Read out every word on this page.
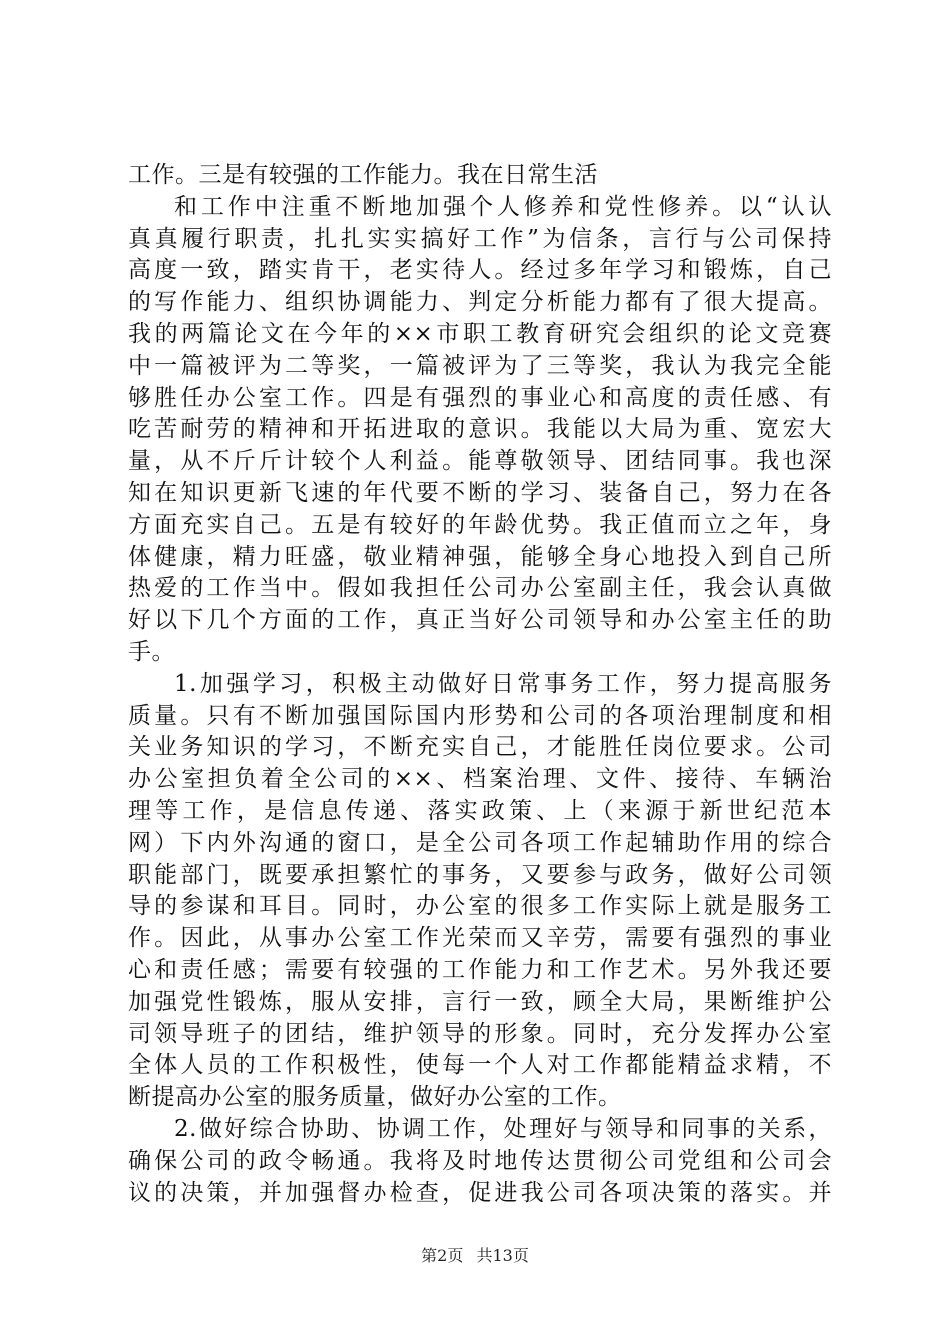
工作。三是有较强的工作能力。我在日常生活
和工作中注重不断地加强个人修养和党性修养。以“认认
真真履行职责，扎扎实实搞好工作”为信条，言行与公司保持
高度一致，踏实肯干，老实待人。经过多年学习和锻炼，自己
的写作能力、组织协调能力、判定分析能力都有了很大提高。
我的两篇论文在今年的××市职工教育研究会组织的论文竞赛
中一篇被评为二等奖，一篇被评为了三等奖，我认为我完全能
够胜任办公室工作。四是有强烈的事业心和高度的责任感、有
吃苦耐劳的精神和开拓进取的意识。我能以大局为重、宽宏大
量，从不斤斤计较个人利益。能尊敬领导、团结同事。我也深
知在知识更新飞速的年代要不断的学习、装备自己，努力在各
方面充实自己。五是有较好的年龄优势。我正值而立之年，身
体健康，精力旺盛，敬业精神强，能够全身心地投入到自己所
热爱的工作当中。假如我担任公司办公室副主任，我会认真做
好以下几个方面的工作，真正当好公司领导和办公室主任的助
手。
1.加强学习，积极主动做好日常事务工作，努力提高服务
质量。只有不断加强国际国内形势和公司的各项治理制度和相
关业务知识的学习，不断充实自己，才能胜任岗位要求。公司
办公室担负着全公司的××、档案治理、文件、接待、车辆治
理等工作，是信息传递、落实政策、上（来源于新世纪范本
网）下内外沟通的窗口，是全公司各项工作起辅助作用的综合
职能部门，既要承担繁忙的事务，又要参与政务，做好公司领
导的参谋和耳目。同时，办公室的很多工作实际上就是服务工
作。因此，从事办公室工作光荣而又辛劳，需要有强烈的事业
心和责任感；需要有较强的工作能力和工作艺术。另外我还要
加强党性锻炼，服从安排，言行一致，顾全大局，果断维护公
司领导班子的团结，维护领导的形象。同时，充分发挥办公室
全体人员的工作积极性，使每一个人对工作都能精益求精，不
断提高办公室的服务质量，做好办公室的工作。
2.做好综合协助、协调工作，处理好与领导和同事的关系，
确保公司的政令畅通。我将及时地传达贯彻公司党组和公司会
议的决策，并加强督办检查，促进我公司各项决策的落实。并
第2页 共13页
